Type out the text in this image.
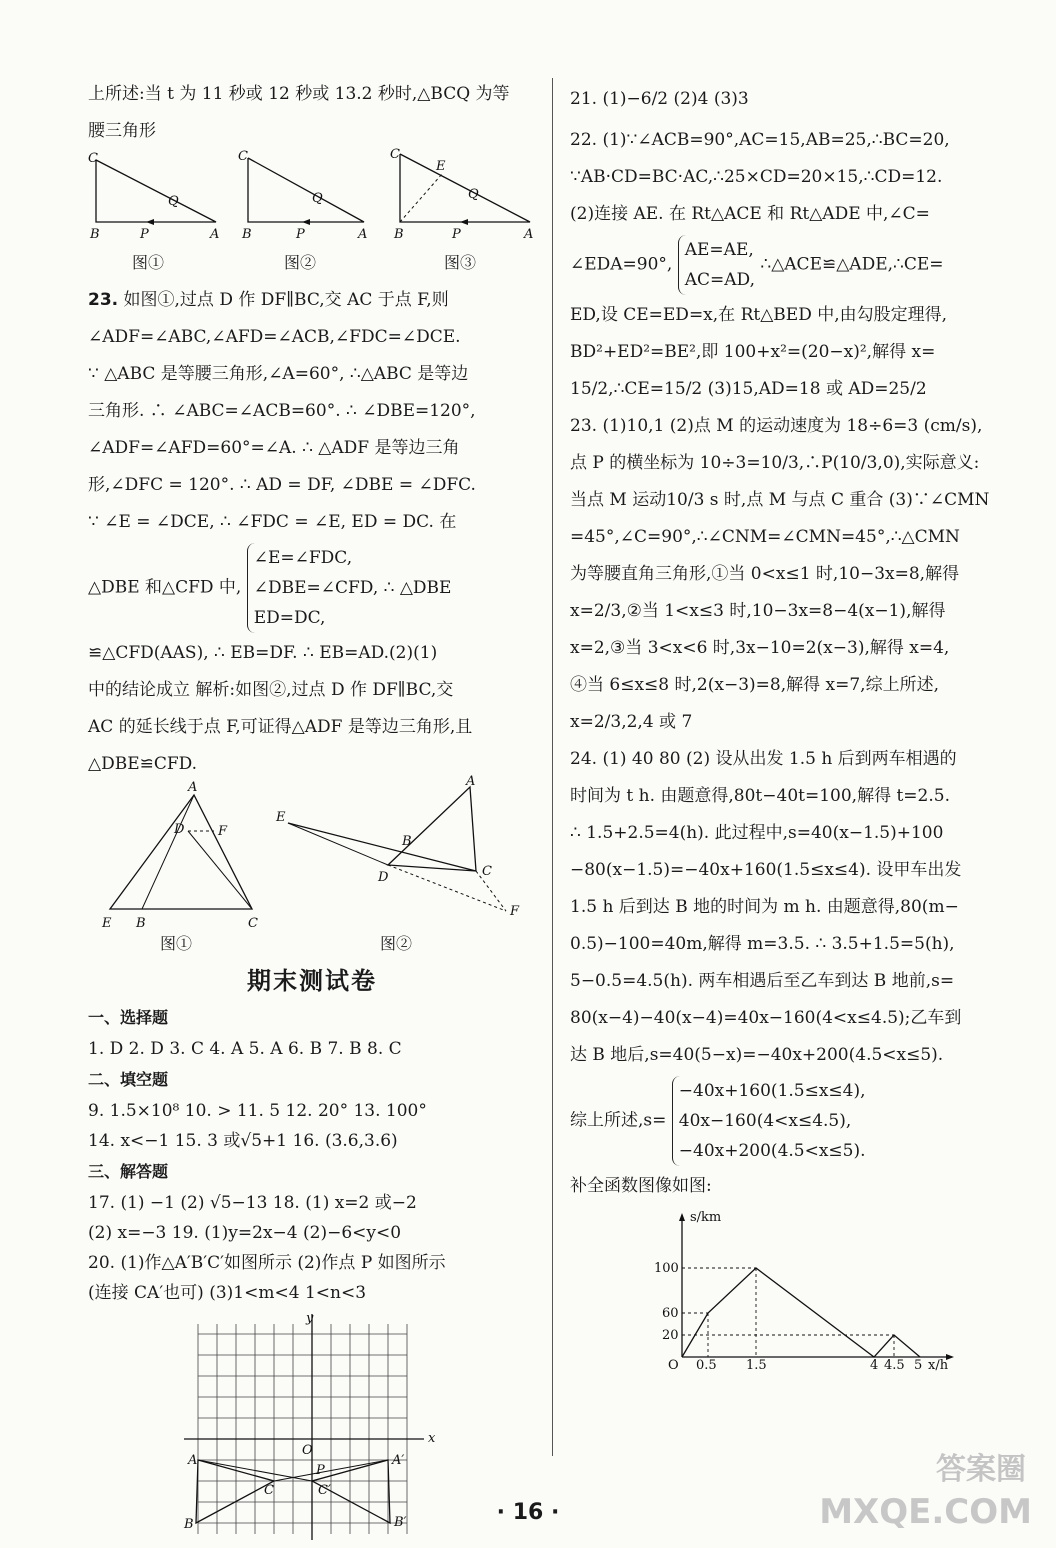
上所述:当 t 为 11 秒或 12 秒或 13.2 秒时,△BCQ 为等
腰三角形

C
B	A
P
Q
C
B	A
P
Q
C
B	A
P
Q
E
图①	图②	图③

23. 如图①,过点 D 作 DF∥BC,交 AC 于点 F,则
∠ADF=∠ABC,∠AFD=∠ACB,∠FDC=∠DCE.
∵ △ABC 是等腰三角形,∠A=60°, ∴△ABC 是等边
三角形. ∴ ∠ABC=∠ACB=60°. ∴ ∠DBE=120°,
∠ADF=∠AFD=60°=∠A. ∴ △ADF 是等边三角
形,∠DFC = 120°. ∴ AD = DF, ∠DBE = ∠DFC.
∵ ∠E = ∠DCE, ∴ ∠FDC = ∠E, ED = DC. 在

△DBE 和△CFD 中,
∠E=∠FDC,
∠DBE=∠CFD, ∴ △DBE
ED=DC,

≌△CFD(AAS), ∴ EB=DF. ∴ EB=AD.(2)(1)
中的结论成立 解析:如图②,过点 D 作 DF∥BC,交
AC 的延长线于点 F,可证得△ADF 是等边三角形,且
△DBE≌CFD.

A
D	F
E B	C
A
E
B
D	C
F
图①	图②
期末测试卷
一、选择题

1. D 2. D 3. C 4. A 5. A 6. B 7. B 8. C

二、填空题

9. 1.5×10⁸ 10. > 11. 5 12. 20° 13. 100°

14. x<−1 15. 3 或√5+1 16. (3.6,3.6)

三、解答题

17. (1) −1 (2) √5−13 18. (1) x=2 或−2

(2) x=−3 19. (1)y=2x−4 (2)−6<y<0

20. (1)作△A′B′C′如图所示 (2)作点 P 如图所示

(连接 CA′也可) (3)1<m<4 1<n<3

y
x
O
A	A′
B	B′
C	C′
P

21. (1)−6/2 (2)4 (3)3

22. (1)∵∠ACB=90°,AC=15,AB=25,∴BC=20,
∵AB·CD=BC·AC,∴25×CD=20×15,∴CD=12.
(2)连接 AE. 在 Rt△ACE 和 Rt△ADE 中,∠C=

∠EDA=90°,
AE=AE,
AC=AD,
∴△ACE≌△ADE,∴CE=

ED,设 CE=ED=x,在 Rt△BED 中,由勾股定理得,
BD²+ED²=BE²,即 100+x²=(20−x)²,解得 x=
15/2,∴CE=15/2 (3)15,AD=18 或 AD=25/2

23. (1)10,1 (2)点 M 的运动速度为 18÷6=3 (cm/s),
点 P 的横坐标为 10÷3=10/3,∴P(10/3,0),实际意义:
当点 M 运动10/3 s 时,点 M 与点 C 重合 (3)∵∠CMN
=45°,∠C=90°,∴∠CNM=∠CMN=45°,∴△CMN
为等腰直角三角形,①当 0<x≤1 时,10−3x=8,解得
x=2/3,②当 1<x≤3 时,10−3x=8−4(x−1),解得
x=2,③当 3<x<6 时,3x−10=2(x−3),解得 x=4,
④当 6≤x≤8 时,2(x−3)=8,解得 x=7,综上所述,
x=2/3,2,4 或 7

24. (1) 40 80 (2) 设从出发 1.5 h 后到两车相遇的
时间为 t h. 由题意得,80t−40t=100,解得 t=2.5.
∴ 1.5+2.5=4(h). 此过程中,s=40(x−1.5)+100
−80(x−1.5)=−40x+160(1.5≤x≤4). 设甲车出发
1.5 h 后到达 B 地的时间为 m h. 由题意得,80(m−
0.5)−100=40m,解得 m=3.5. ∴ 3.5+1.5=5(h),
5−0.5=4.5(h). 两车相遇后至乙车到达 B 地前,s=
80(x−4)−40(x−4)=40x−160(4<x≤4.5);乙车到
达 B 地后,s=40(5−x)=−40x+200(4.5<x≤5).

综上所述,s=
−40x+160(1.5≤x≤4),
40x−160(4<x≤4.5),
−40x+200(4.5<x≤5).

补全函数图像如图:

s/km
100
60
20
O 0.5 1.5	4 4.5 5 x/h
· 16 ·
答案圈
MXQE.COM
